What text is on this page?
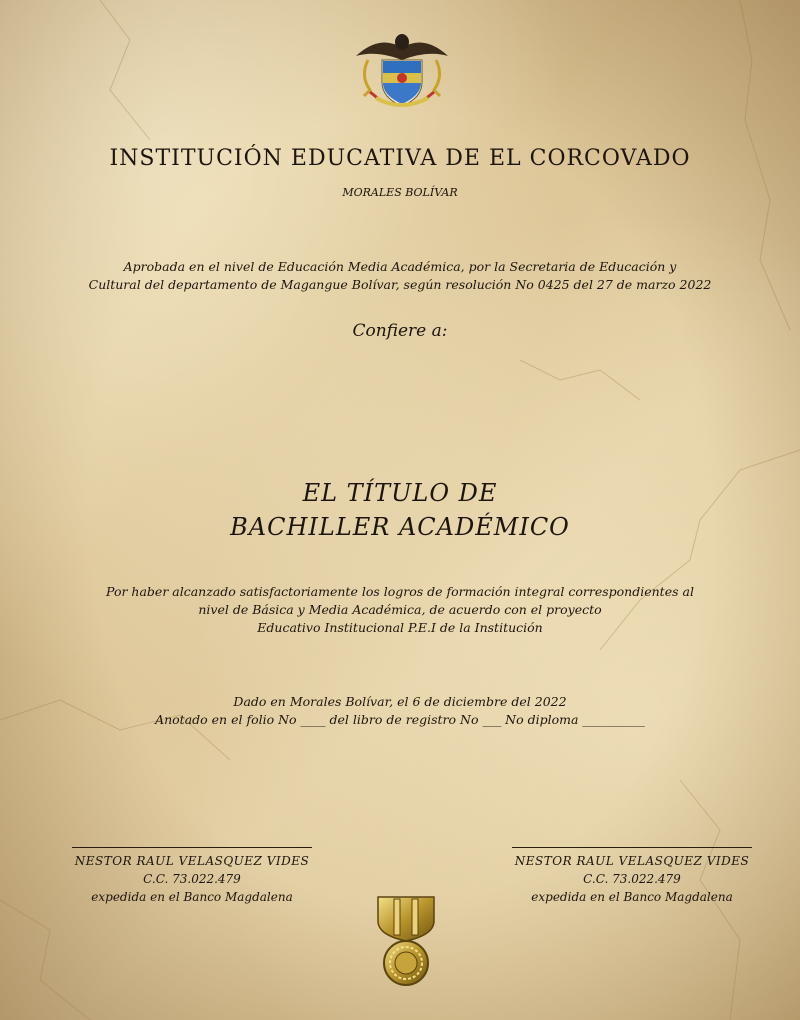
INSTITUCIÓN EDUCATIVA DE EL CORCOVADO
MORALES BOLÍVAR
Aprobada en el nivel de Educación Media Académica, por la Secretaria de Educación y
Cultural del departamento de Magangue Bolívar, según resolución No 0425 del 27 de marzo 2022
Confiere a:
EL TÍTULO DE
BACHILLER ACADÉMICO
Por haber alcanzado satisfactoriamente los logros de formación integral correspondientes al
nivel de Básica y Media Académica, de acuerdo con el proyecto
Educativo Institucional P.E.I de la Institución
Dado en Morales Bolívar, el 6 de diciembre del 2022
Anotado en el folio No ____ del libro de registro No ___ No diploma __________
NESTOR RAUL VELASQUEZ VIDES
C.C. 73.022.479
expedida en el Banco Magdalena
NESTOR RAUL VELASQUEZ VIDES
C.C. 73.022.479
expedida en el Banco Magdalena
